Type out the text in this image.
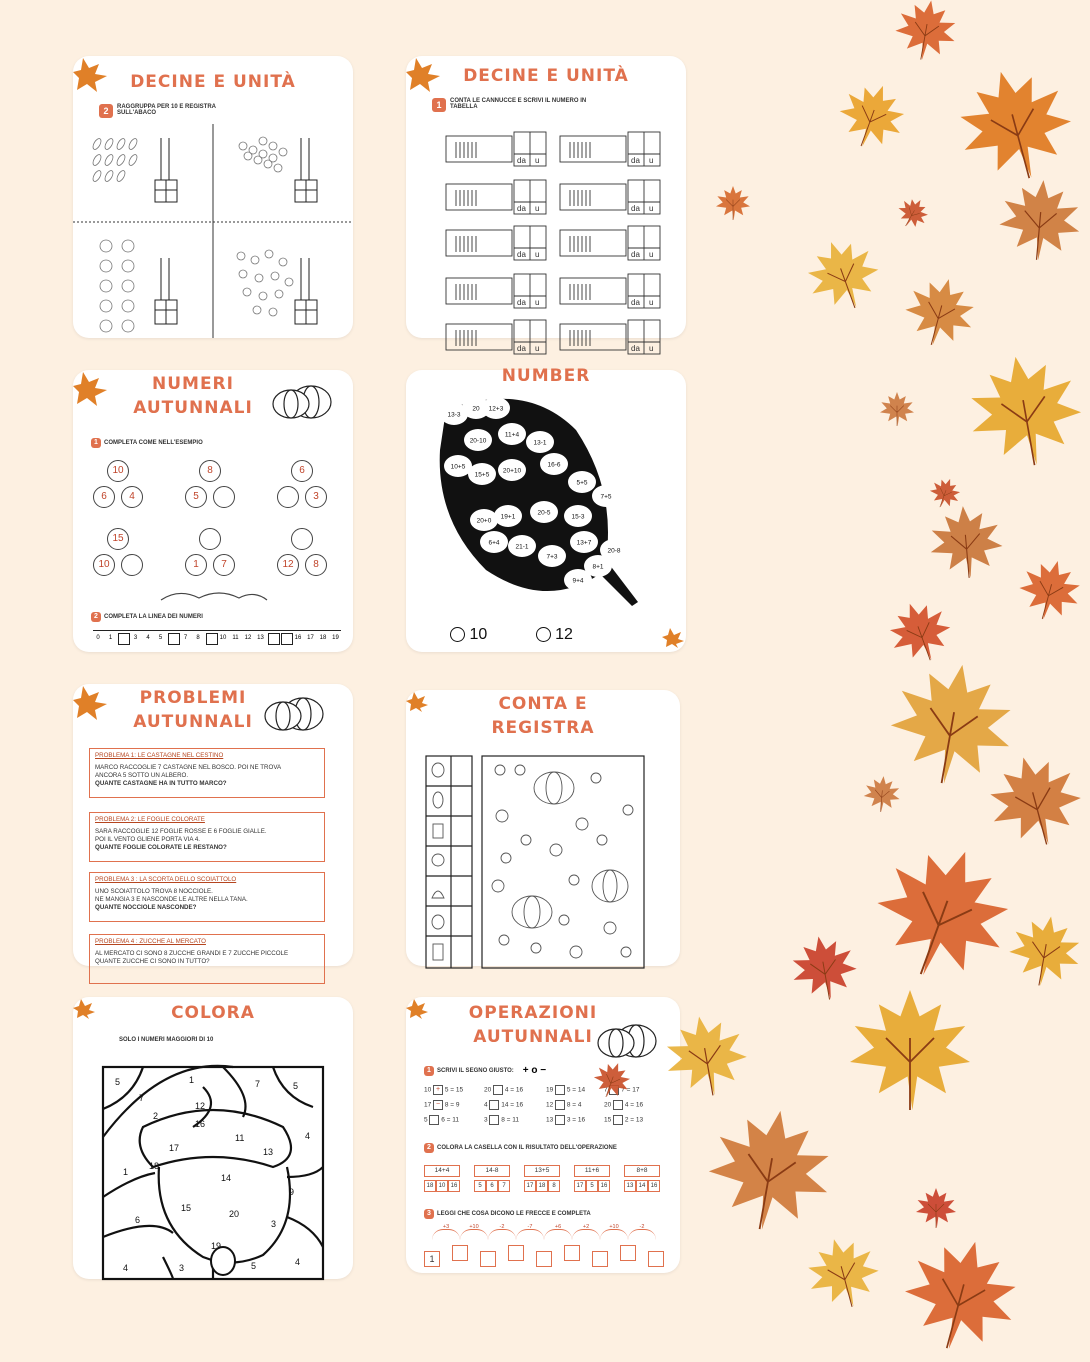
DECINE E UNITÀ
2	RAGGRUPPA PER 10 E REGISTRA SULL'ABACO
DECINE E UNITÀ
1	CONTA LE CANNUCCE E SCRIVI IL NUMERO IN TABELLA
da u	da u
da u	da u
da u	da u
da u	da u
da u	da u
NUMERI
AUTUNNALI
1	COMPLETA COME NELL'ESEMPIO
10
6	4
8
5
6
3
15
10	1	7	12	8
2	COMPLETA LA LINEA DEI NUMERI
0	1	3	4	5	7	8	10	11	12 13	16 17 18 19
NUMBER
13-3
20 12+3
20-10
11+4
13-1
10+5
15+5
20+10
16-6
5+5
20-5
19+1
20+0
15-3
7+5
6+4
21-1
13+7
7+3
20-8
8+1
9+4
10	12
PROBLEMI
AUTUNNALI
PROBLEMA 1: LE CASTAGNE NEL CESTINO
MARCO RACCOGLIE 7 CASTAGNE NEL BOSCO. POI NE TROVA
ANCORA 5 SOTTO UN ALBERO.
QUANTE CASTAGNE HA IN TUTTO MARCO?
PROBLEMA 2: LE FOGLIE COLORATE
SARA RACCOGLIE 12 FOGLIE ROSSE E 6 FOGLIE GIALLE.
POI IL VENTO GLIENE PORTA VIA 4.
QUANTE FOGLIE COLORATE LE RESTANO?
PROBLEMA 3 : LA SCORTA DELLO SCOIATTOLO
UNO SCOIATTOLO TROVA 8 NOCCIOLE.
NE MANGIA 3 E NASCONDE LE ALTRE NELLA TANA.
QUANTE NOCCIOLE NASCONDE?
PROBLEMA 4 : ZUCCHE AL MERCATO
AL MERCATO CI SONO 8 ZUCCHE GRANDI E 7 ZUCCHE PICCOLE
QUANTE ZUCCHE CI SONO IN TUTTO?
CONTA E
REGISTRA
COLORA
SOLO I NUMERI MAGGIORI DI 10
5	1	7	5
7
2
12
16
4
11
13
17
18
1
14
9
15
6
20
3
19
4	3	5	4
OPERAZIONI
AUTUNNALI
1	SCRIVI IL SEGNO GIUSTO: + o −
10 + 5 = 15	20 4 = 16	19 5 = 14	7 7 = 17
17 − 8 = 9	4 14 = 16	12 8 = 4	20 4 = 16
5 6 = 11	3 8 = 11	13 3 = 16	15 2 = 13
2	COLORA LA CASELLA CON IL RISULTATO DELL'OPERAZIONE
14+4
18 10 16
14-8
5	6	7
13+5
17 18	8
11+6
17	5	16
8+8
13 14 16
3	LEGGI CHE COSA DICONO LE FRECCE E COMPLETA
1
+3	+10	-2	-7	+6	+2	+10	-2
